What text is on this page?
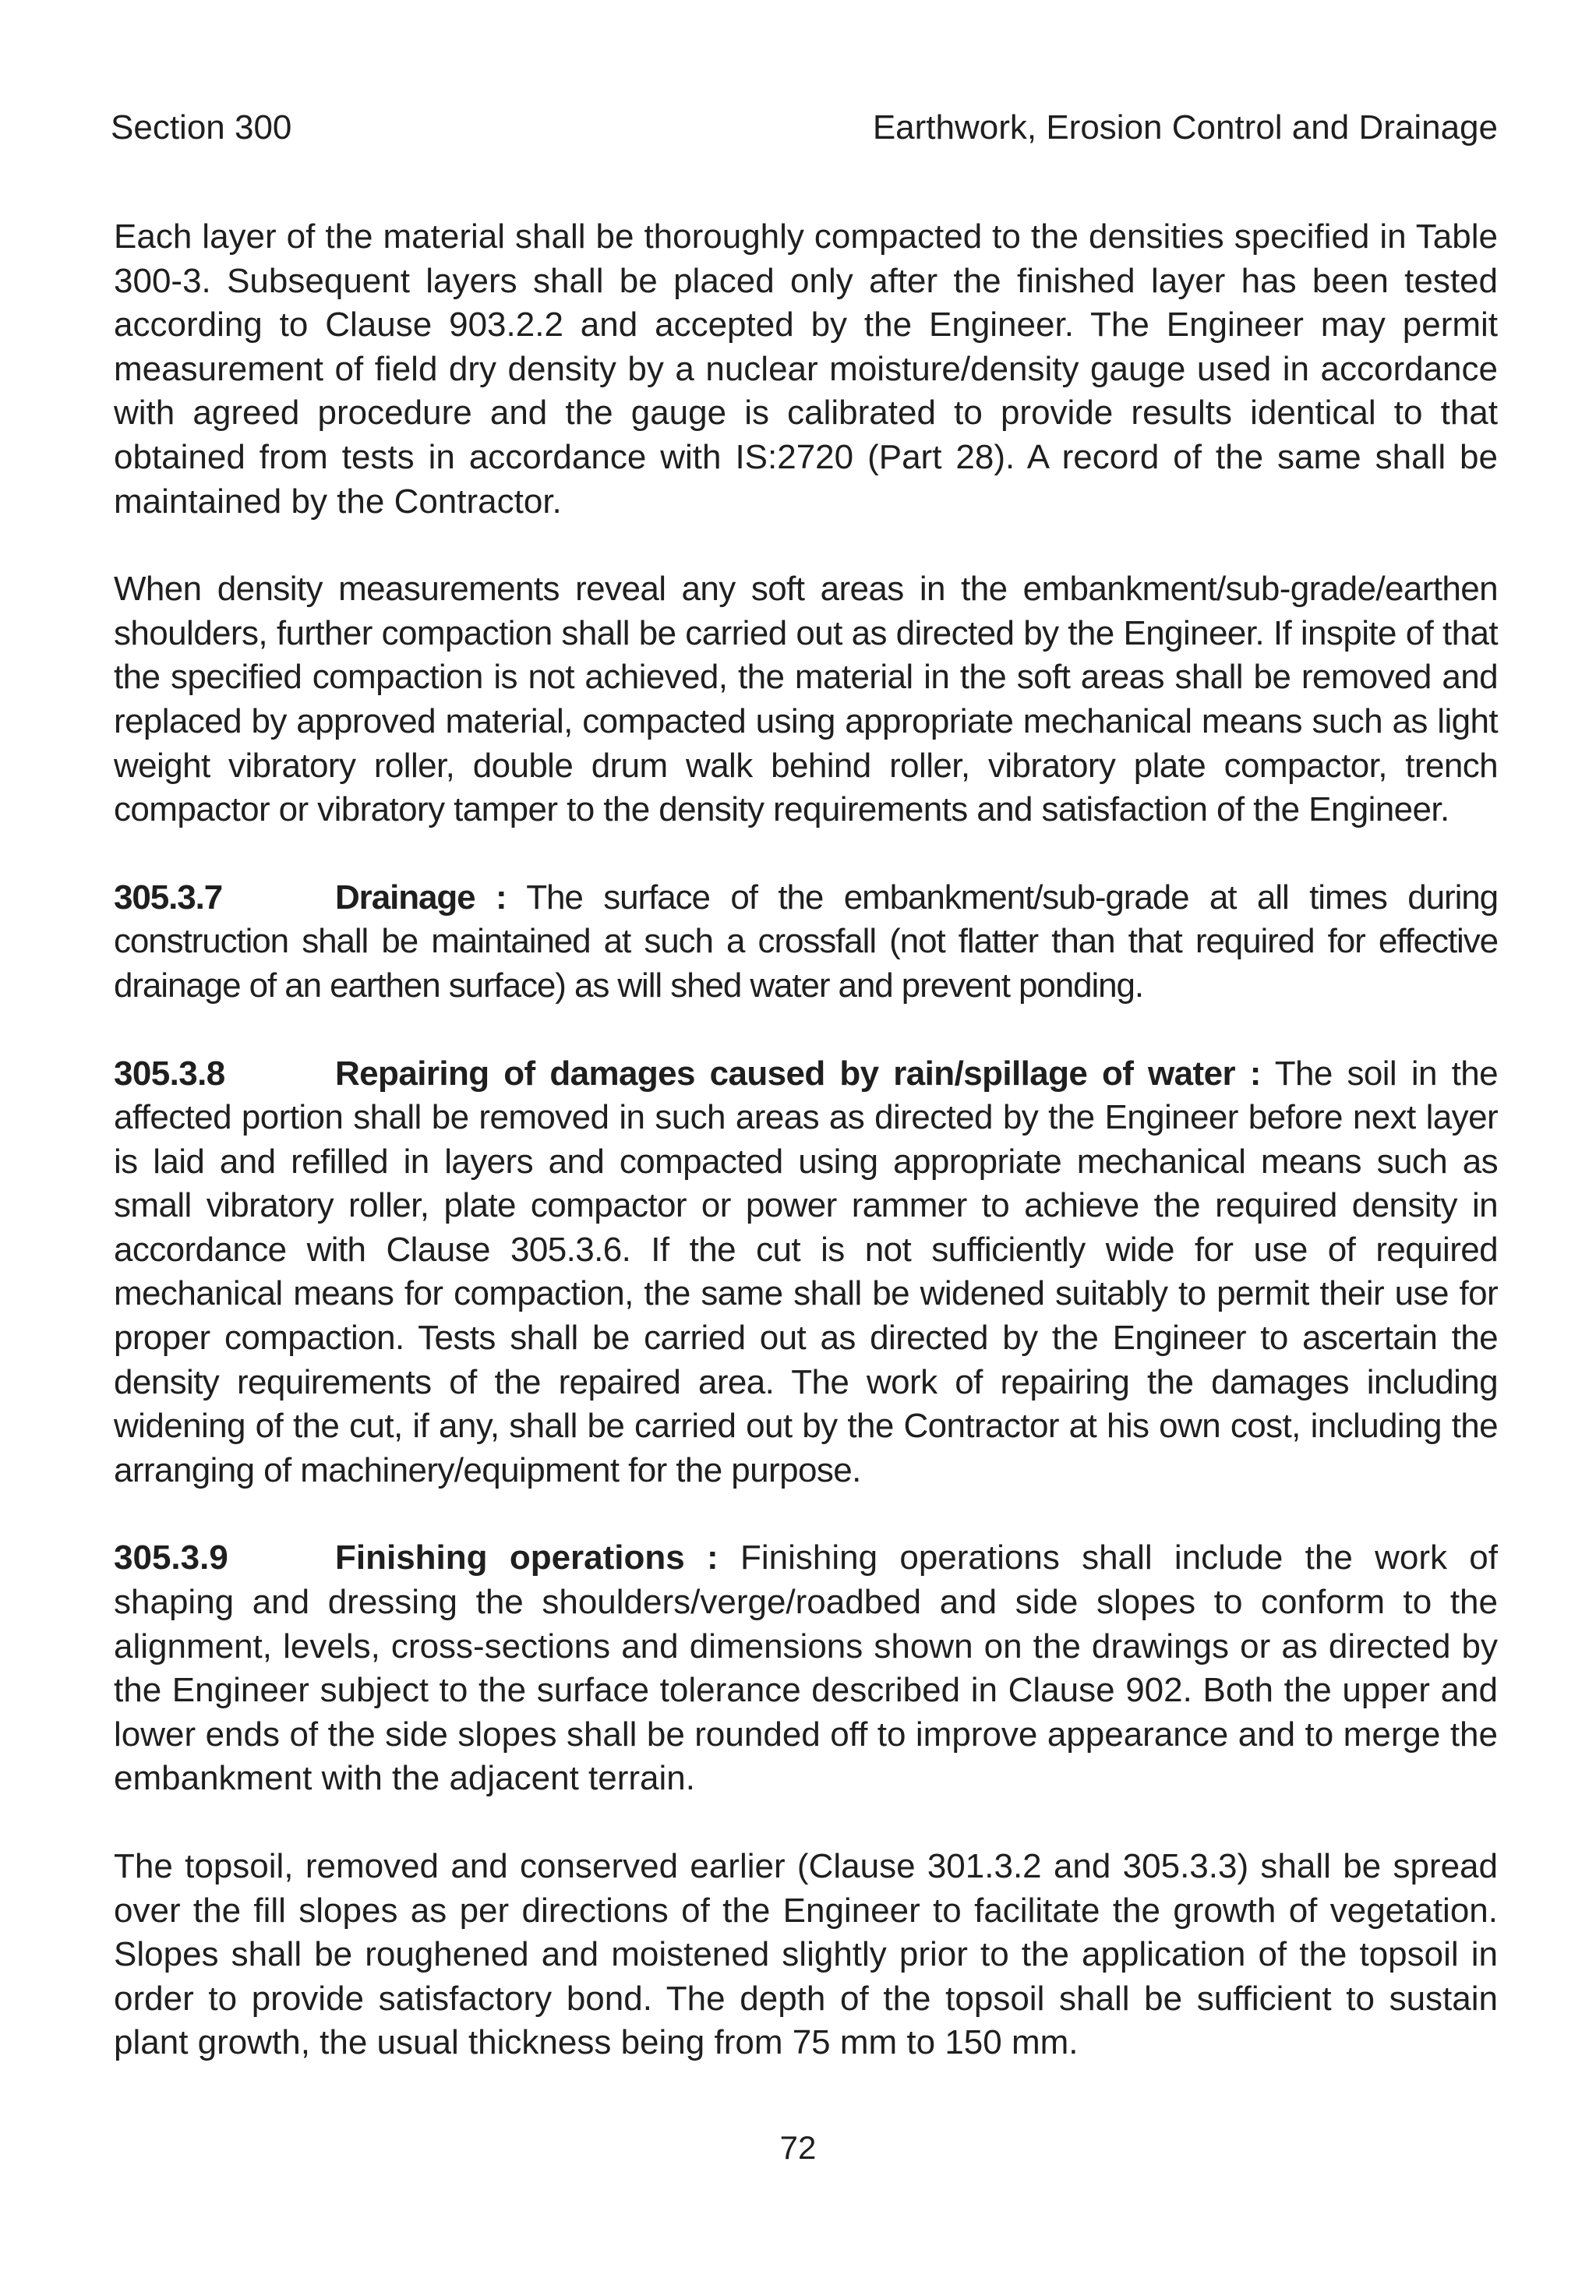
Section 300	Earthwork, Erosion Control and Drainage

Each layer of the material shall be thoroughly compacted to the densities specified in Table 300-3. Subsequent layers shall be placed only after the finished layer has been tested according to Clause 903.2.2 and accepted by the Engineer. The Engineer may permit measurement of field dry density by a nuclear moisture/density gauge used in accordance with agreed procedure and the gauge is calibrated to provide results identical to that obtained from tests in accordance with IS:2720 (Part 28). A record of the same shall be maintained by the Contractor.

When density measurements reveal any soft areas in the embankment/sub-grade/earthen shoulders, further compaction shall be carried out as directed by the Engineer. If inspite of that the specified compaction is not achieved, the material in the soft areas shall be removed and replaced by approved material, compacted using appropriate mechanical means such as light weight vibratory roller, double drum walk behind roller, vibratory plate compactor, trench compactor or vibratory tamper to the density requirements and satisfaction of the Engineer.

305.3.7	Drainage : The surface of the embankment/sub-grade at all times during construction shall be maintained at such a crossfall (not flatter than that required for effective drainage of an earthen surface) as will shed water and prevent ponding.

305.3.8	Repairing of damages caused by rain/spillage of water : The soil in the affected portion shall be removed in such areas as directed by the Engineer before next layer is laid and refilled in layers and compacted using appropriate mechanical means such as small vibratory roller, plate compactor or power rammer to achieve the required density in accordance with Clause 305.3.6. If the cut is not sufficiently wide for use of required mechanical means for compaction, the same shall be widened suitably to permit their use for proper compaction. Tests shall be carried out as directed by the Engineer to ascertain the density requirements of the repaired area. The work of repairing the damages including widening of the cut, if any, shall be carried out by the Contractor at his own cost, including the arranging of machinery/equipment for the purpose.

305.3.9	Finishing operations : Finishing operations shall include the work of shaping and dressing the shoulders/verge/roadbed and side slopes to conform to the alignment, levels, cross-sections and dimensions shown on the drawings or as directed by the Engineer subject to the surface tolerance described in Clause 902. Both the upper and lower ends of the side slopes shall be rounded off to improve appearance and to merge the embankment with the adjacent terrain.

The topsoil, removed and conserved earlier (Clause 301.3.2 and 305.3.3) shall be spread over the fill slopes as per directions of the Engineer to facilitate the growth of vegetation. Slopes shall be roughened and moistened slightly prior to the application of the topsoil in order to provide satisfactory bond. The depth of the topsoil shall be sufficient to sustain plant growth, the usual thickness being from 75 mm to 150 mm.

72
